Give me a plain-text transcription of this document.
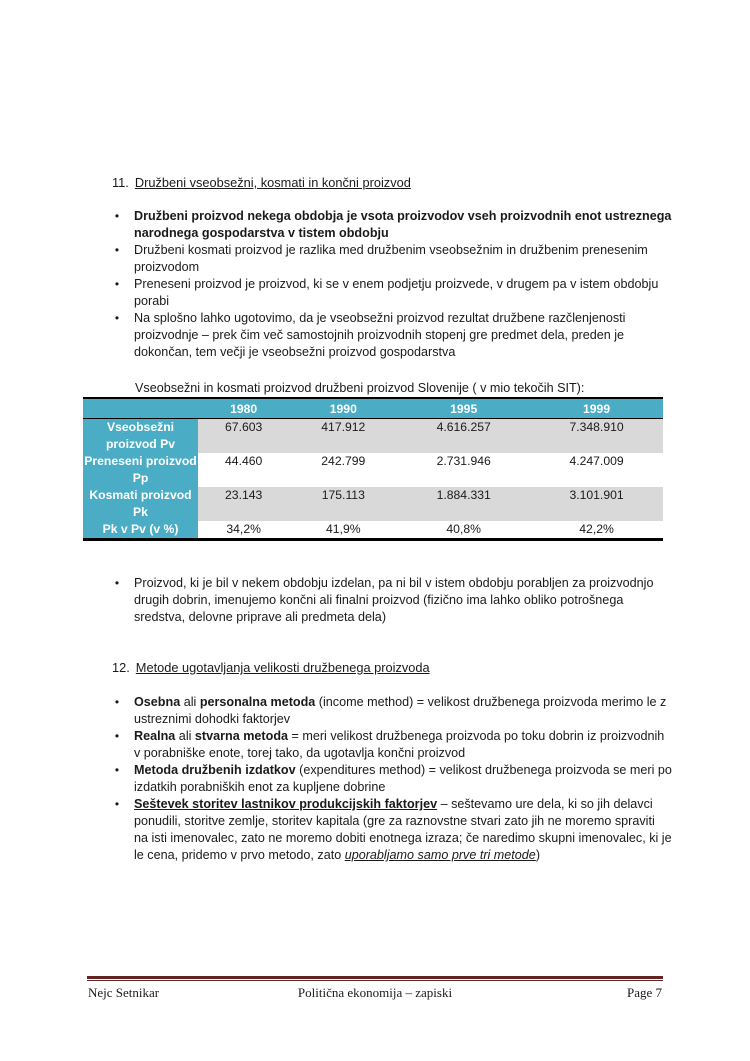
11. Družbeni vseobsežni, kosmati in končni proizvod
• Družbeni proizvod nekega obdobja je vsota proizvodov vseh proizvodnih enot ustreznega narodnega gospodarstva v tistem obdobju
• Družbeni kosmati proizvod je razlika med družbenim vseobsežnim in družbenim prenesenim proizvodom
• Preneseni proizvod je proizvod, ki se v enem podjetju proizvede, v drugem pa v istem obdobju porabi
• Na splošno lahko ugotovimo, da je vseobsežni proizvod rezultat družbene razčlenjenosti proizvodnje – prek čim več samostojnih proizvodnih stopenj gre predmet dela, preden je dokončan, tem večji je vseobsežni proizvod gospodarstva
Vseobsežni in kosmati proizvod družbeni proizvod Slovenije ( v mio tekočih SIT):
	1980	1990	1995	1999
Vseobsežni proizvod Pv	67.603	417.912	4.616.257	7.348.910
Preneseni proizvod Pp	44.460	242.799	2.731.946	4.247.009
Kosmati proizvod Pk	23.143	175.113	1.884.331	3.101.901
Pk v Pv (v %)	34,2%	41,9%	40,8%	42,2%
• Proizvod, ki je bil v nekem obdobju izdelan, pa ni bil v istem obdobju porabljen za proizvodnjo drugih dobrin, imenujemo končni ali finalni proizvod (fizično ima lahko obliko potrošnega sredstva, delovne priprave ali predmeta dela)
12. Metode ugotavljanja velikosti družbenega proizvoda
• Osebna ali personalna metoda (income method) = velikost družbenega proizvoda merimo le z ustreznimi dohodki faktorjev
• Realna ali stvarna metoda = meri velikost družbenega proizvoda po toku dobrin iz proizvodnih v porabniške enote, torej tako, da ugotavlja končni proizvod
• Metoda družbenih izdatkov (expenditures method) = velikost družbenega proizvoda se meri po izdatkih porabniških enot za kupljene dobrine
• Seštevek storitev lastnikov produkcijskih faktorjev – seštevamo ure dela, ki so jih delavci ponudili, storitve zemlje, storitev kapitala (gre za raznovstne stvari zato jih ne moremo spraviti na isti imenovalec, zato ne moremo dobiti enotnega izraza; če naredimo skupni imenovalec, ki je le cena, pridemo v prvo metodo, zato uporabljamo samo prve tri metode)
Nejc Setnikar	Politična ekonomija – zapiski	Page 7
